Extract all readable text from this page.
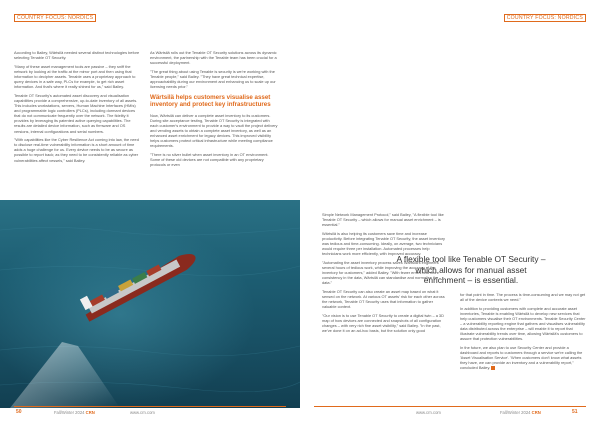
COUNTRY FOCUS: NORDICS

According to Bailey, Wärtsilä needed several distinct technologies before selecting Tenable OT Security.

"Many of these asset management tools are passive – they sniff the network by looking at the traffic at the mirror port and then using that information to decipher assets. Tenable uses a proprietary approach to query devices in a safe way, PLCs for example, to get rich asset information. And that's where it really shined for us," said Bailey.

Tenable OT Security's automated asset discovery and visualisation capabilities provide a comprehensive, up-to-date inventory of all assets. This includes workstations, servers, Human Machine Interfaces (HMIs) and programmable logic controllers (PLCs), including dormant devices that do not communicate frequently over the network. The fidelity it provides by leveraging its patented active querying capabilities. The results are detailed device information, such as firmware and OS versions, internal configurations and serial numbers.

"With capabilities like the Cyber Resilience Act coming into law, the need to disclose real-time vulnerability information is a short amount of time adds a huge challenge for us. Every device needs to be as secure as possible to report back; as they need to be consistently reliable as cyber vulnerabilities affect vessels," said Bailey.

As Wärtsilä rolls out the Tenable OT Security solutions across its dynamic environment, the partnership with the Tenable team has been crucial for a successful deployment.

"The great thing about using Tenable is security is we're working with the Tenable people," said Bailey. "They have great technical expertise, approachability during our environment and enhancing us to scale up our licensing needs prior."

Wärtsilä helps customers visualise asset inventory and protect key infrastructures

Now, Wärtsilä can deliver a complete asset inventory to its customers. During site acceptance testing, Tenable OT Security is integrated with each customer's environment to provide a way to vault the project delivery and vending assets to obtain a complete asset inventory, as well as an enhanced asset enrichment for legacy devices. This improved visibility helps customers protect critical infrastructure while meeting compliance requirements.

"There is no silver bullet when asset inventory in an OT environment. Some of these old devices are not compatible with any proprietary protocols or even

50	Fall/Winter 2024 CRN	www.crn.com
COUNTRY FOCUS: NORDICS

Simple Network Management Protocol," said Bailey, "A flexible tool like Tenable OT Security – which allows for manual asset enrichment – is essential."

Wärtsilä is also helping its customers save time and increase productivity. Before integrating Tenable OT Security, the asset inventory was tedious and time-consuming. Ideally, on average, two technicians would require three per installation. Automated processes help technicians work more efficiently, with improved accuracy.

"Automating the asset inventory process saves Wärtsilä's engineers several hours of tedious work, while improving the accuracy of the inventory for customers," added Bailey. "With fewer errors and more consistency in the data, Wärtsilä can standardise and normalise the data."

Tenable OT Security can also create an asset map based on what it sensed on the network. At various OT assets' risk for each other across the network, Tenable OT Security uses that information to gather valuable context.

"Our vision is to use Tenable OT Security to create a digital twin – a 3D map of how devices are connected and snapshots of all configuration changes – with very rich fine asset visibility," said Bailey. "In the past, we've done it on an ad-hoc basis, but the solution only good

for that point in time. The process is time-consuming and we may not get all of the device contexts we need."

In addition to providing customers with complete and accurate asset inventories, Tenable is enabling Wärtsilä to develop new services that help customers visualise their OT environments. Tenable Security Center – a vulnerability reporting engine that gathers and visualises vulnerability data distributed across the enterprise – will enable it to report that illustrate vulnerability trends over time, allowing Wärtsilä's customers to assure that protection vulnerabilities.

In the future, we also plan to use Security Center and provide a dashboard and reports to customers through a service we're calling the 'Asset Visualisation Service'. 'When customers don't know what assets they have, we can provide an inventory and a vulnerability report," concluded Bailey.

www.crn.com	Fall/Winter 2024 CRN	51
A flexible tool like Tenable OT Security – which allows for manual asset enrichment – is essential.
